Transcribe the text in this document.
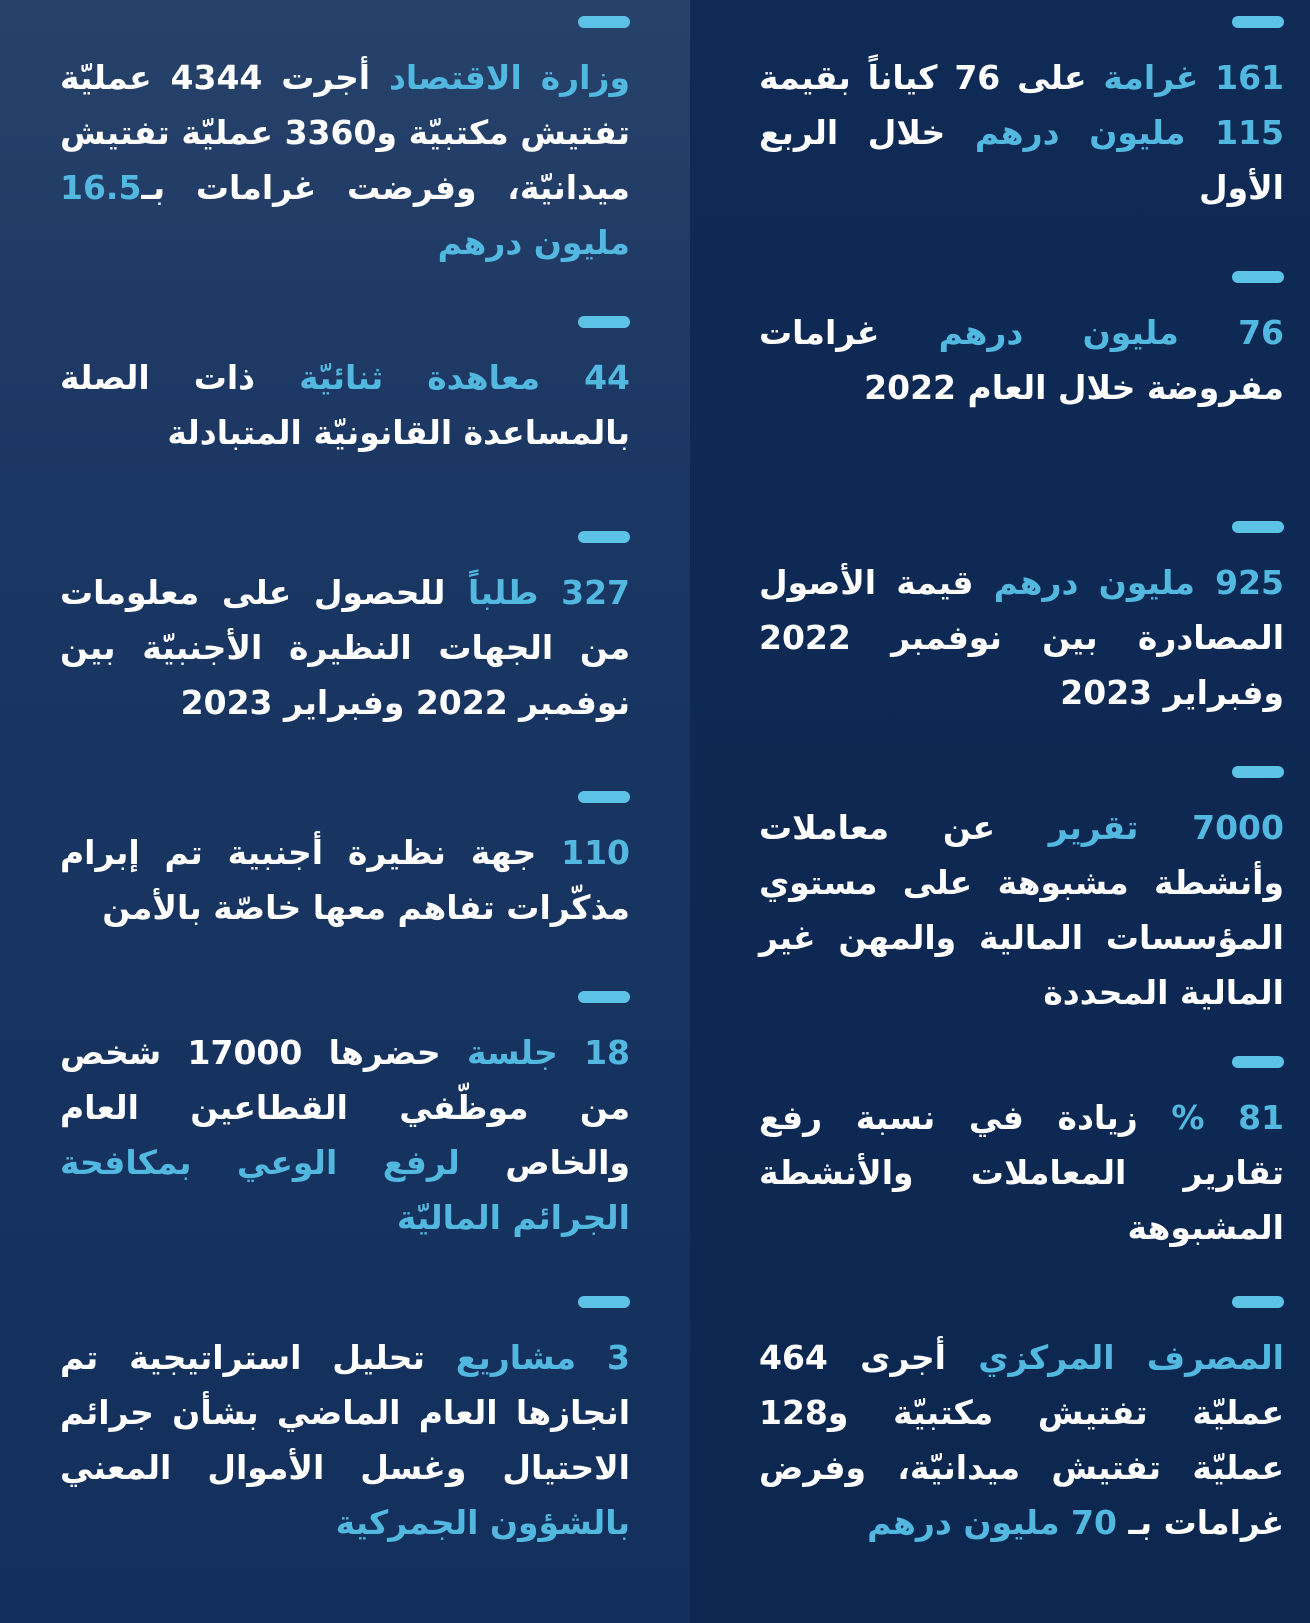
وزارة الاقتصاد أجرت 4344 عمليّة تفتيش مكتبيّة و3360 عمليّة تفتيش ميدانيّة، وفرضت غرامات بـ16.5 مليون درهم
44 معاهدة ثنائيّة ذات الصلة بالمساعدة القانونيّة المتبادلة
327 طلباً للحصول على معلومات من الجهات النظيرة الأجنبيّة بين نوفمبر 2022 وفبراير 2023
110 جهة نظيرة أجنبية تم إبرام مذكّرات تفاهم معها خاصّة بالأمن
18 جلسة حضرها 17000 شخص من موظّفي القطاعين العام والخاص لرفع الوعي بمكافحة الجرائم الماليّة
3 مشاريع تحليل استراتيجية تم انجازها العام الماضي بشأن جرائم الاحتيال وغسل الأموال المعني بالشؤون الجمركية
161 غرامة على 76 كياناً بقيمة 115 مليون درهم خلال الربع الأول
76 مليون درهم غرامات مفروضة خلال العام 2022
925 مليون درهم قيمة الأصول المصادرة بين نوفمبر 2022 وفبراير 2023
7000 تقرير عن معاملات وأنشطة مشبوهة على مستوي المؤسسات المالية والمهن غير المالية المحددة
81 % زيادة في نسبة رفع تقارير المعاملات والأنشطة المشبوهة
المصرف المركزي أجرى 464 عمليّة تفتيش مكتبيّة و128 عمليّة تفتيش ميدانيّة، وفرض غرامات بـ 70 مليون درهم
